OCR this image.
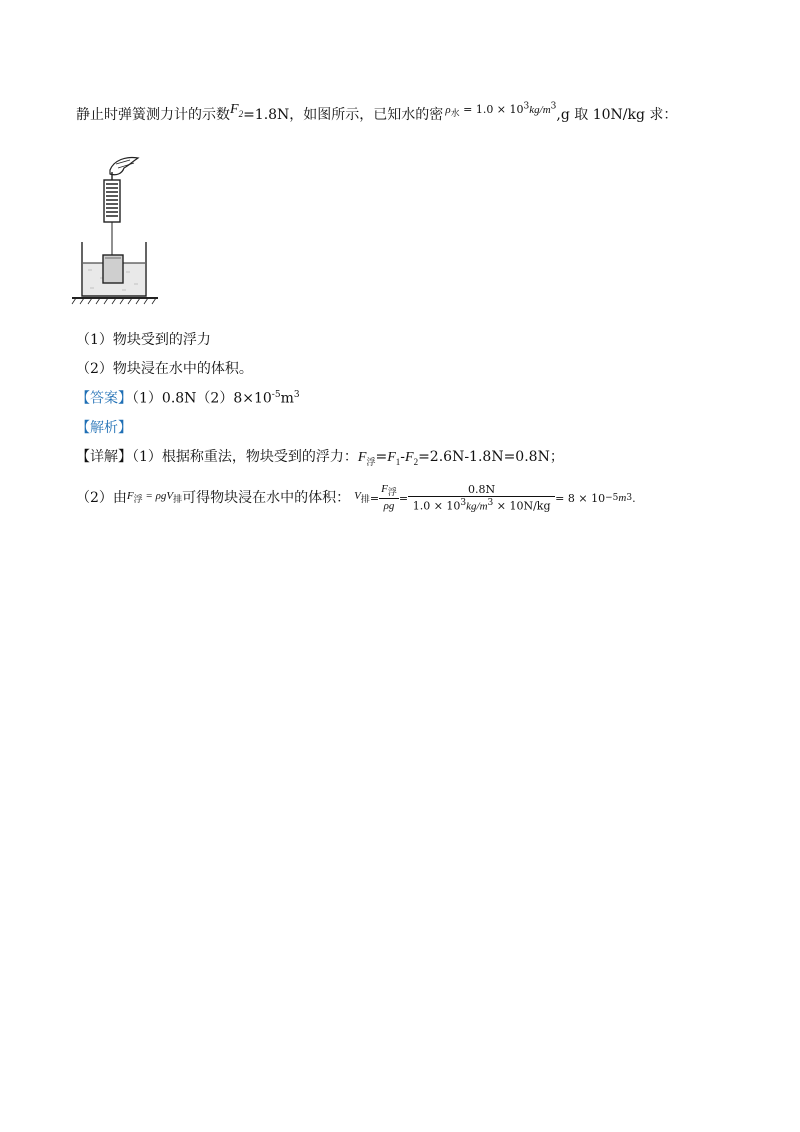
静止时弹簧测力计的示数$F_2=1.8N$，如图所示，已知水的密 $^{\rho_水 = 1.0 \times 10^3kg/m^3}$,g 取 10N/kg 求：
（1）物块受到的浮力
（2）物块浸在水中的体积。
【答案】$(1)0.8N(2)8\times 10^{-5}m^3$
【解析】
【详解】（1）根据称重法，物块受到的浮力：$F_浮=F_1-F_2=2.6N-1.8N=0.8N$；
（2）由 $F_浮 = \rho gV_排$ 可得物块浸在水中的体积： $V_排 = \frac{F_浮}{\rho g} = \frac{0.8N}{1.0 \times 10^3kg/m^3 \times 10N/kg} = 8 \times 10 -5$ m 3 .
